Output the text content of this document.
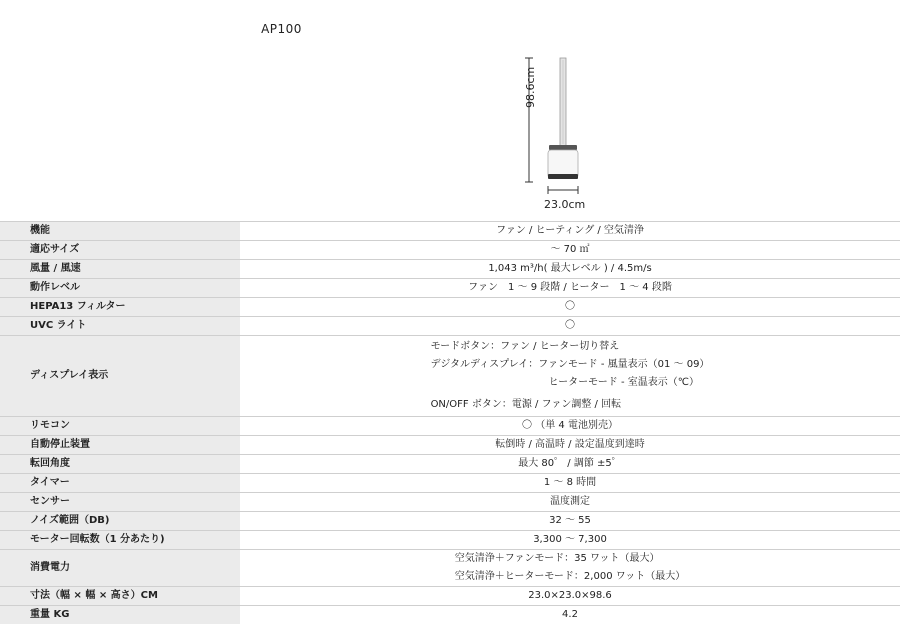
AP100
98.6cm
23.0cm
機能	ファン / ヒーティング / 空気清浄
適応サイズ	～ 70 ㎡
風量 / 風速	1,043 m³/h( 最大レベル ) / 4.5m/s
動作レベル	ファン　1 ～ 9 段階 / ヒーター　1 ～ 4 段階
HEPA13 フィルター	〇
UVC ライト	〇
ディスプレイ表示	モードボタン：ファン / ヒーター切り替え
デジタルディスプレイ：ファンモード - 風量表示（01 ～ 09）
ヒーターモード - 室温表示（℃）
ON/OFF ボタン：電源 / ファン調整 / 回転

リモコン	〇 （単 4 電池別売）
自動停止装置	転倒時 / 高温時 / 設定温度到達時
転回角度	最大 80゜ / 調節 ±5゜
タイマー	1 ～ 8 時間
センサー	温度測定
ノイズ範囲（DB)	32 ～ 55
モーター回転数（1 分あたり)	3,300 ～ 7,300
消費電力	空気清浄＋ファンモード：35 ワット（最大）
空気清浄＋ヒーターモード：2,000 ワット（最大）

寸法（幅 × 幅 × 高さ）CM	23.0×23.0×98.6
重量 KG	4.2
